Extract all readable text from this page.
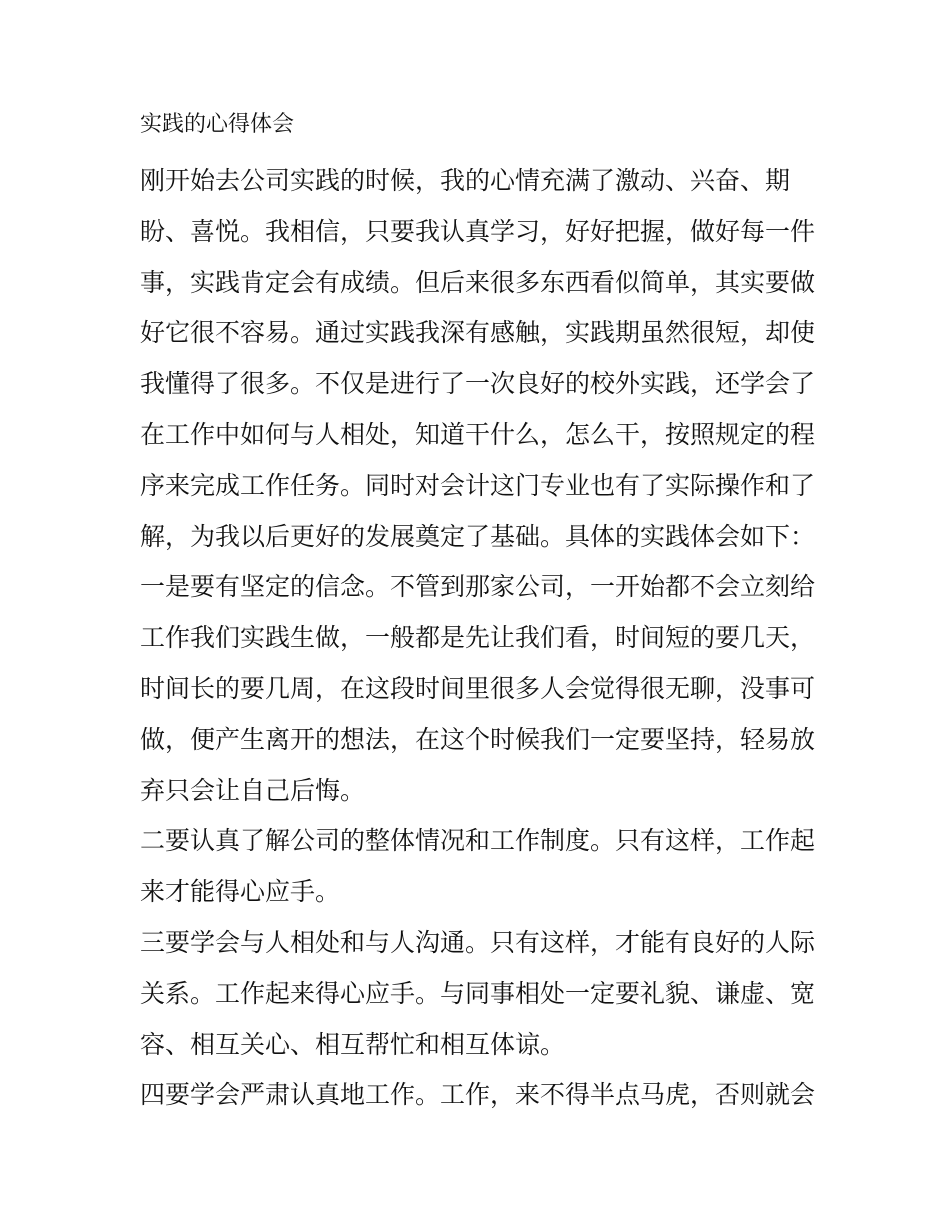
实践的心得体会
刚开始去公司实践的时候，我的心情充满了激动、兴奋、期
盼、喜悦。我相信，只要我认真学习，好好把握，做好每一件
事，实践肯定会有成绩。但后来很多东西看似简单，其实要做
好它很不容易。通过实践我深有感触，实践期虽然很短，却使
我懂得了很多。不仅是进行了一次良好的校外实践，还学会了
在工作中如何与人相处，知道干什么，怎么干，按照规定的程
序来完成工作任务。同时对会计这门专业也有了实际操作和了
解，为我以后更好的发展奠定了基础。具体的实践体会如下：
一是要有坚定的信念。不管到那家公司，一开始都不会立刻给
工作我们实践生做，一般都是先让我们看，时间短的要几天，
时间长的要几周，在这段时间里很多人会觉得很无聊，没事可
做，便产生离开的想法，在这个时候我们一定要坚持，轻易放
弃只会让自己后悔。
二要认真了解公司的整体情况和工作制度。只有这样，工作起
来才能得心应手。
三要学会与人相处和与人沟通。只有这样，才能有良好的人际
关系。工作起来得心应手。与同事相处一定要礼貌、谦虚、宽
容、相互关心、相互帮忙和相互体谅。
四要学会严肃认真地工作。工作，来不得半点马虎，否则就会
